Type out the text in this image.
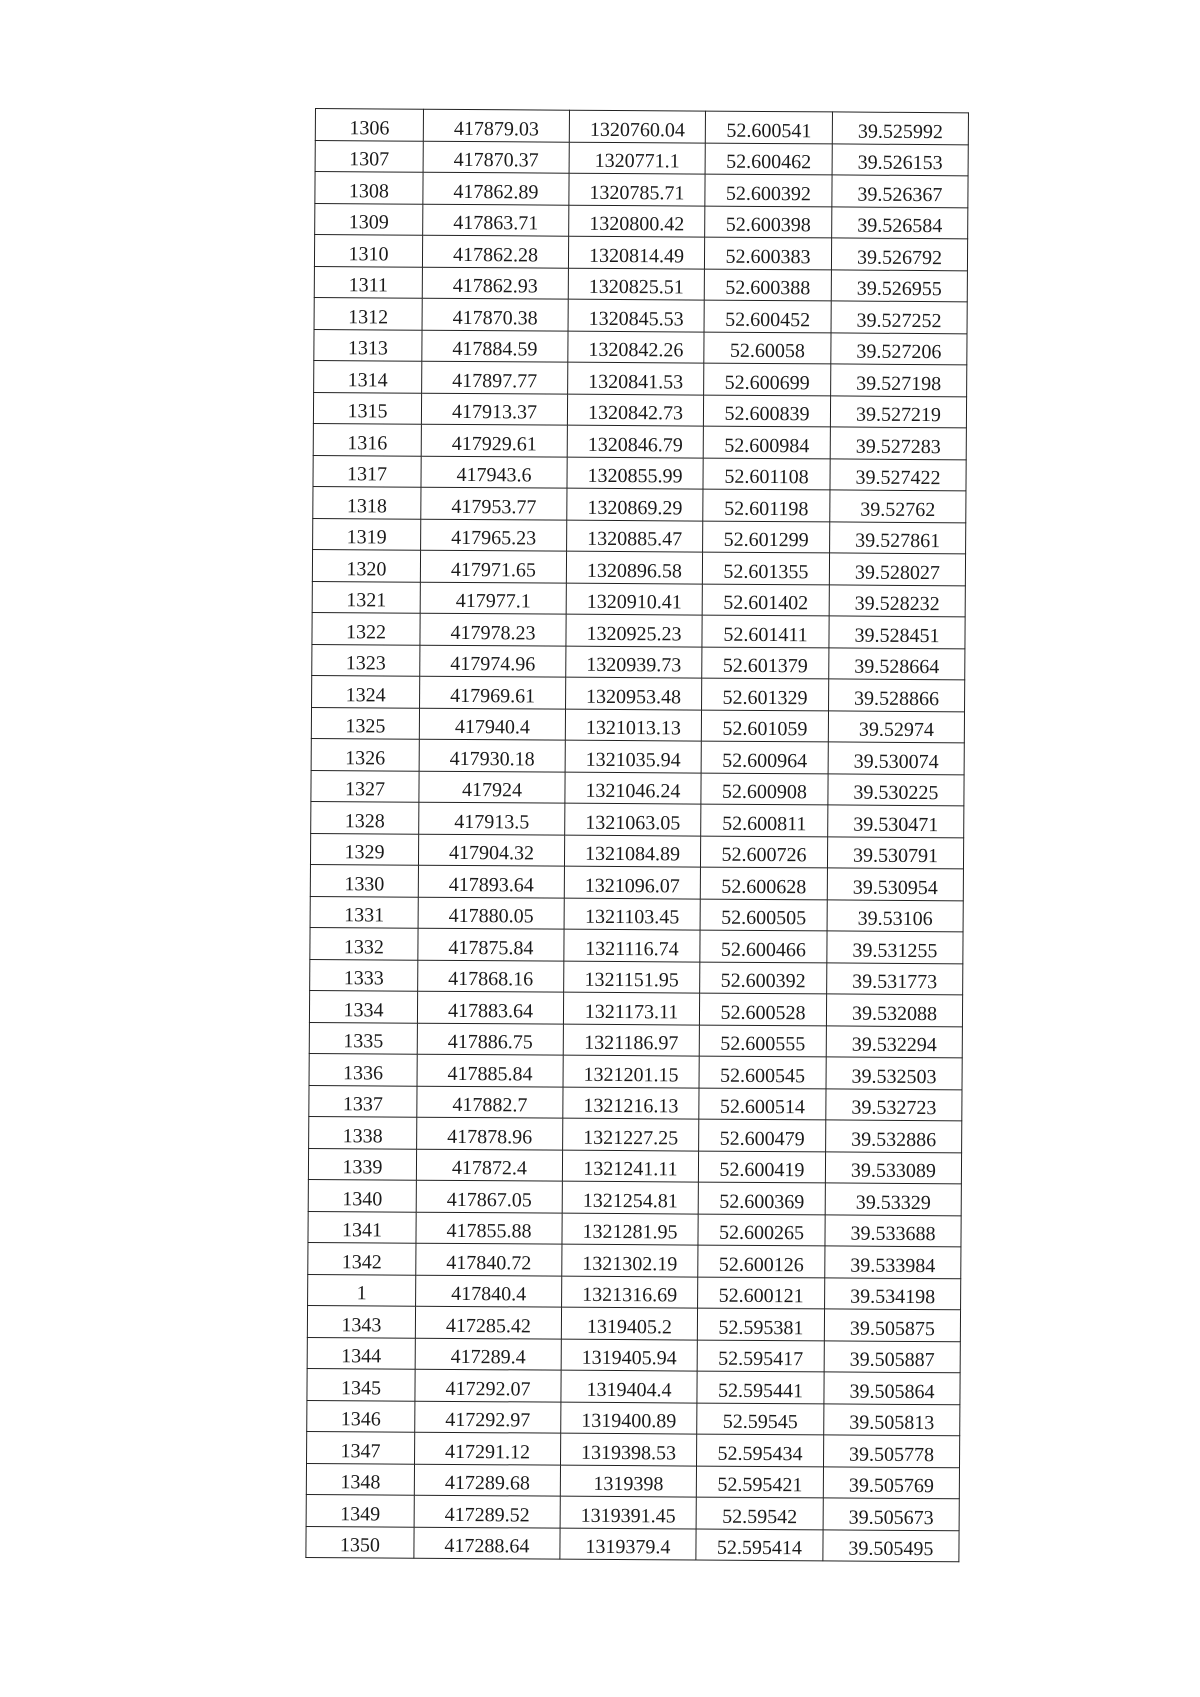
1306	417879.03	1320760.04	52.600541	39.525992
1307	417870.37	1320771.1	52.600462	39.526153
1308	417862.89	1320785.71	52.600392	39.526367
1309	417863.71	1320800.42	52.600398	39.526584
1310	417862.28	1320814.49	52.600383	39.526792
1311	417862.93	1320825.51	52.600388	39.526955
1312	417870.38	1320845.53	52.600452	39.527252
1313	417884.59	1320842.26	52.60058	39.527206
1314	417897.77	1320841.53	52.600699	39.527198
1315	417913.37	1320842.73	52.600839	39.527219
1316	417929.61	1320846.79	52.600984	39.527283
1317	417943.6	1320855.99	52.601108	39.527422
1318	417953.77	1320869.29	52.601198	39.52762
1319	417965.23	1320885.47	52.601299	39.527861
1320	417971.65	1320896.58	52.601355	39.528027
1321	417977.1	1320910.41	52.601402	39.528232
1322	417978.23	1320925.23	52.601411	39.528451
1323	417974.96	1320939.73	52.601379	39.528664
1324	417969.61	1320953.48	52.601329	39.528866
1325	417940.4	1321013.13	52.601059	39.52974
1326	417930.18	1321035.94	52.600964	39.530074
1327	417924	1321046.24	52.600908	39.530225
1328	417913.5	1321063.05	52.600811	39.530471
1329	417904.32	1321084.89	52.600726	39.530791
1330	417893.64	1321096.07	52.600628	39.530954
1331	417880.05	1321103.45	52.600505	39.53106
1332	417875.84	1321116.74	52.600466	39.531255
1333	417868.16	1321151.95	52.600392	39.531773
1334	417883.64	1321173.11	52.600528	39.532088
1335	417886.75	1321186.97	52.600555	39.532294
1336	417885.84	1321201.15	52.600545	39.532503
1337	417882.7	1321216.13	52.600514	39.532723
1338	417878.96	1321227.25	52.600479	39.532886
1339	417872.4	1321241.11	52.600419	39.533089
1340	417867.05	1321254.81	52.600369	39.53329
1341	417855.88	1321281.95	52.600265	39.533688
1342	417840.72	1321302.19	52.600126	39.533984
1	417840.4	1321316.69	52.600121	39.534198
1343	417285.42	1319405.2	52.595381	39.505875
1344	417289.4	1319405.94	52.595417	39.505887
1345	417292.07	1319404.4	52.595441	39.505864
1346	417292.97	1319400.89	52.59545	39.505813
1347	417291.12	1319398.53	52.595434	39.505778
1348	417289.68	1319398	52.595421	39.505769
1349	417289.52	1319391.45	52.59542	39.505673
1350	417288.64	1319379.4	52.595414	39.505495
